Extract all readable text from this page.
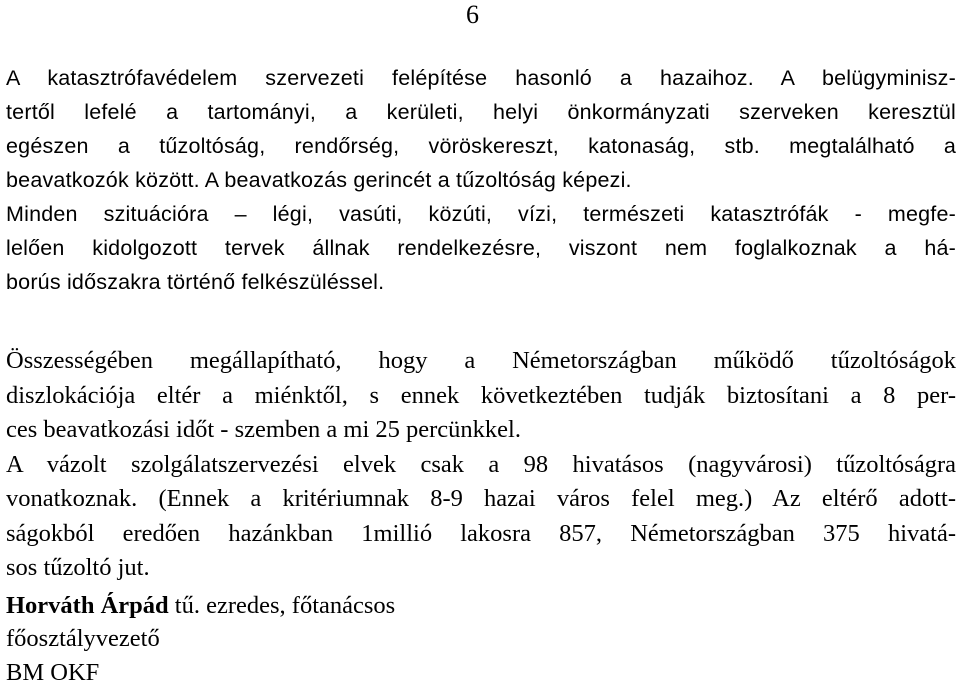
6
A katasztrófavédelem szervezeti felépítése hasonló a hazaihoz. A belügyminisz-
tertől lefelé a tartományi, a kerületi, helyi önkormányzati szerveken keresztül
egészen a tűzoltóság, rendőrség, vöröskereszt, katonaság, stb. megtalálható a
beavatkozók között. A beavatkozás gerincét a tűzoltóság képezi.
Minden szituációra – légi, vasúti, közúti, vízi, természeti katasztrófák - megfe-
lelően kidolgozott tervek állnak rendelkezésre, viszont nem foglalkoznak a há-
borús időszakra történő felkészüléssel.
Összességében megállapítható, hogy a Németországban működő tűzoltóságok
diszlokációja eltér a miénktől, s ennek következtében tudják biztosítani a 8 per-
ces beavatkozási időt - szemben a mi 25 percünkkel.
A vázolt szolgálatszervezési elvek csak a 98 hivatásos (nagyvárosi) tűzoltóságra
vonatkoznak. (Ennek a kritériumnak 8-9 hazai város felel meg.) Az eltérő adott-
ságokból eredően hazánkban 1millió lakosra 857, Németországban 375 hivatá-
sos tűzoltó jut.
Horváth Árpád tű. ezredes, főtanácsos
főosztályvezető
BM OKF
